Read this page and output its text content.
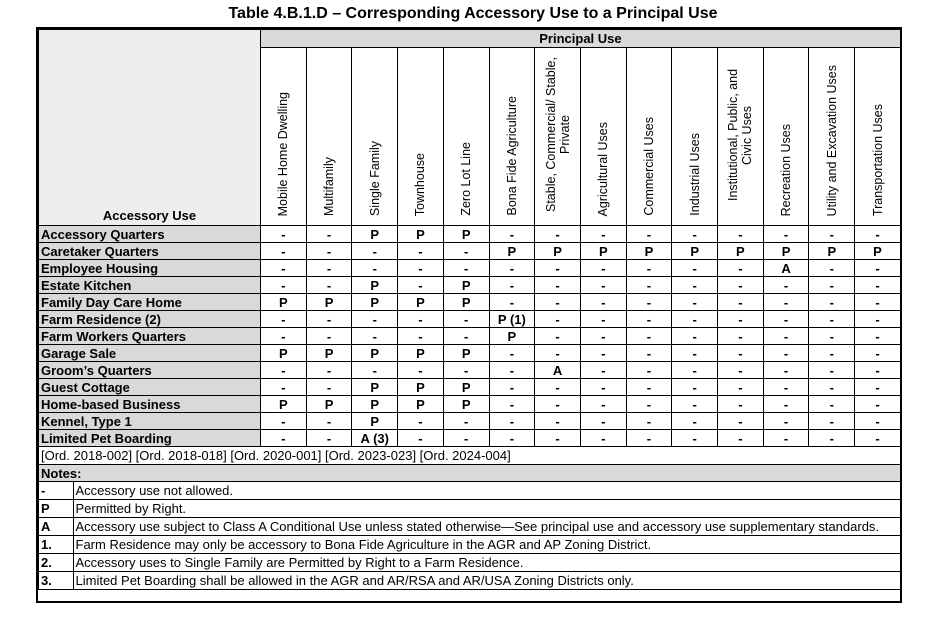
Table 4.B.1.D – Corresponding Accessory Use to a Principal Use
Accessory Use	Principal Use
Mobile Home Dwelling	Multifamily	Single Family	Townhouse	Zero Lot Line	Bona Fide Agriculture	Stable, Commercial/ Stable, Private	Agricultural Uses	Commercial Uses	Industrial Uses	Institutional, Public, and Civic Uses	Recreation Uses	Utility and Excavation Uses	Transportation Uses
Accessory Quarters	-	-	P	P	P	-	-	-	-	-	-	-	-	-
Caretaker Quarters	-	-	-	-	-	P	P	P	P	P	P	P	P	P
Employee Housing	-	-	-	-	-	-	-	-	-	-	-	A	-	-
Estate Kitchen	-	-	P	-	P	-	-	-	-	-	-	-	-	-
Family Day Care Home	P	P	P	P	P	-	-	-	-	-	-	-	-	-
Farm Residence (2)	-	-	-	-	-	P (1)	-	-	-	-	-	-	-	-
Farm Workers Quarters	-	-	-	-	-	P	-	-	-	-	-	-	-	-
Garage Sale	P	P	P	P	P	-	-	-	-	-	-	-	-	-
Groom’s Quarters	-	-	-	-	-	-	A	-	-	-	-	-	-	-
Guest Cottage	-	-	P	P	P	-	-	-	-	-	-	-	-	-
Home-based Business	P	P	P	P	P	-	-	-	-	-	-	-	-	-
Kennel, Type 1	-	-	P	-	-	-	-	-	-	-	-	-	-	-
Limited Pet Boarding	-	-	A (3)	-	-	-	-	-	-	-	-	-	-	-
[Ord. 2018-002] [Ord. 2018-018] [Ord. 2020-001] [Ord. 2023-023] [Ord. 2024-004]
Notes:

-	Accessory use not allowed.

P	Permitted by Right.

A	Accessory use subject to Class A Conditional Use unless stated otherwise—See principal use and accessory use supplementary standards.

1.	Farm Residence may only be accessory to Bona Fide Agriculture in the AGR and AP Zoning District.

2.	Accessory uses to Single Family are Permitted by Right to a Farm Residence.

3.	Limited Pet Boarding shall be allowed in the AGR and AR/RSA and AR/USA Zoning Districts only.
